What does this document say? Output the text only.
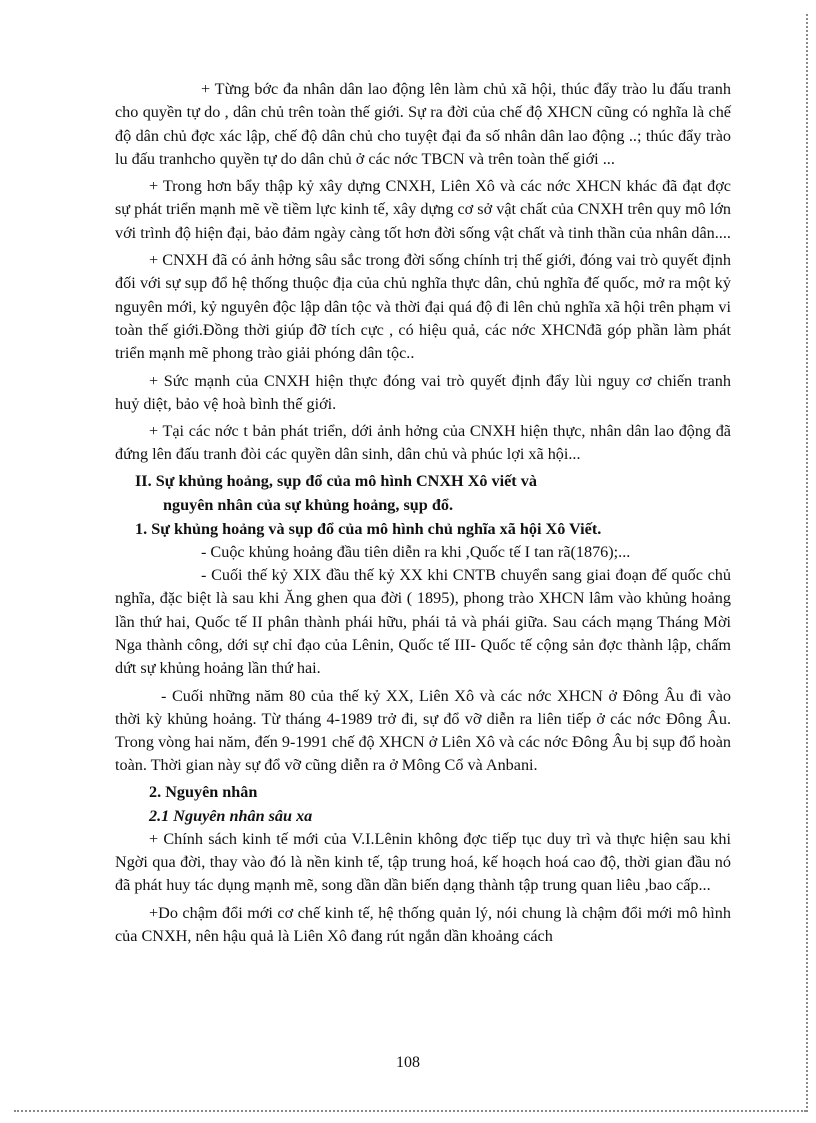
+ Từng bớc đa nhân dân lao động lên làm chủ xã hội, thúc đẩy trào lu đấu tranh cho quyền tự do , dân chủ trên toàn thế giới. Sự ra đời của chế độ XHCN cũng có nghĩa là chế độ dân chủ đợc xác lập, chế độ dân chủ cho tuyệt đại đa số nhân dân lao động ..; thúc đẩy trào lu đấu tranhcho quyền tự do dân chủ ở các nớc TBCN và trên toàn thế giới ...

+ Trong hơn bẩy thập kỷ xây dựng CNXH, Liên Xô và các nớc XHCN khác đã đạt đợc sự phát triển mạnh mẽ về tiềm lực kinh tế, xây dựng cơ sở vật chất của CNXH trên quy mô lớn với trình độ hiện đại, bảo đảm ngày càng tốt hơn đời sống vật chất và tinh thần của nhân dân....

+ CNXH đã có ảnh hởng sâu sắc trong đời sống chính trị thế giới, đóng vai trò quyết định đối với sự sụp đổ hệ thống thuộc địa của chủ nghĩa thực dân, chủ nghĩa đế quốc, mở ra một kỷ nguyên mới, kỷ nguyên độc lập dân tộc và thời đại quá độ đi lên chủ nghĩa xã hội trên phạm vi toàn thế giới.Đồng thời giúp đỡ tích cực , có hiệu quả, các nớc XHCNđã góp phần làm phát triển mạnh mẽ phong trào giải phóng dân tộc..

+ Sức mạnh của CNXH hiện thực đóng vai trò quyết định đẩy lùi nguy cơ chiến tranh huỷ diệt, bảo vệ hoà bình thế giới.

+ Tại các nớc t bản phát triển, dới ảnh hởng của CNXH hiện thực, nhân dân lao động đã đứng lên đấu tranh đòi các quyền dân sinh, dân chủ và phúc lợi xã hội...

II. Sự khủng hoảng, sụp đổ của mô hình CNXH Xô viết và
nguyên nhân của sự khủng hoảng, sụp đổ.
1. Sự khủng hoảng và sụp đổ của mô hình chủ nghĩa xã hội Xô Viết.

- Cuộc khủng hoảng đầu tiên diễn ra khi ,Quốc tế I tan rã(1876);...

- Cuối thế kỷ XIX đầu thế kỷ XX khi CNTB chuyển sang giai đoạn đế quốc chủ nghĩa, đặc biệt là sau khi Ăng ghen qua đời ( 1895), phong trào XHCN lâm vào khủng hoảng lần thứ hai, Quốc tế II phân thành phái hữu, phái tả và phái giữa. Sau cách mạng Tháng Mời Nga thành công, dới sự chỉ đạo của Lênin, Quốc tế III- Quốc tế cộng sản đợc thành lập, chấm dứt sự khủng hoảng lần thứ hai.

- Cuối những năm 80 của thế kỷ XX, Liên Xô và các nớc XHCN ở Đông Âu đi vào thời kỳ khủng hoảng. Từ tháng 4-1989 trở đi, sự đổ vỡ diễn ra liên tiếp ở các nớc Đông Âu. Trong vòng hai năm, đến 9-1991 chế độ XHCN ở Liên Xô và các nớc Đông Âu bị sụp đổ hoàn toàn. Thời gian này sự đổ vỡ cũng diễn ra ở Mông Cổ và Anbani.

2. Nguyên nhân
2.1 Nguyên nhân sâu xa

+ Chính sách kinh tế mới của V.I.Lênin không đợc tiếp tục duy trì và thực hiện sau khi Ngời qua đời, thay vào đó là nền kinh tế, tập trung hoá, kế hoạch hoá cao độ, thời gian đầu nó đã phát huy tác dụng mạnh mẽ, song dần dần biến dạng thành tập trung quan liêu ,bao cấp...

+Do chậm đổi mới cơ chế kinh tế, hệ thống quản lý, nói chung là chậm đổi mới mô hình của CNXH, nên hậu quả là Liên Xô đang rút ngắn dần khoảng cách

108
